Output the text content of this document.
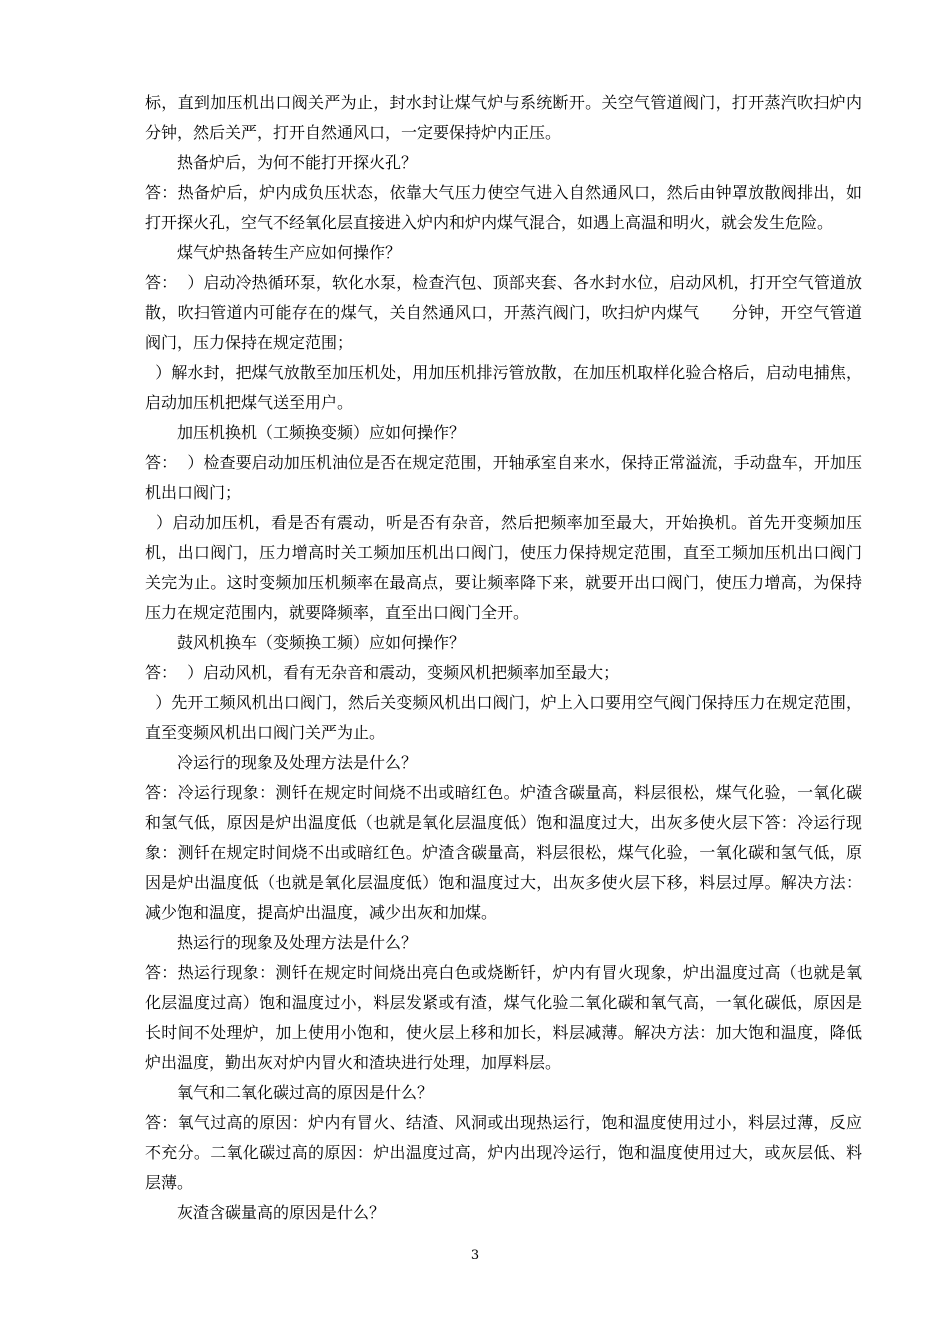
标，直到加压机出口阀关严为止，封水封让煤气炉与系统断开。关空气管道阀门，打开蒸汽吹扫炉内      分钟，然后关严，打开自然通风口，一定要保持炉内正压。

热备炉后，为何不能打开探火孔？

答：热备炉后，炉内成负压状态，依靠大气压力使空气进入自然通风口，然后由钟罩放散阀排出，如打开探火孔，空气不经氧化层直接进入炉内和炉内煤气混合，如遇上高温和明火，就会发生危险。

煤气炉热备转生产应如何操作？

答：  ）启动冷热循环泵，软化水泵，检查汽包、顶部夹套、各水封水位，启动风机，打开空气管道放散，吹扫管道内可能存在的煤气，关自然通风口，开蒸汽阀门，吹扫炉内煤气      分钟，开空气管道阀门，压力保持在规定范围；

）解水封，把煤气放散至加压机处，用加压机排污管放散，在加压机取样化验合格后，启动电捕焦，启动加压机把煤气送至用户。

加压机换机（工频换变频）应如何操作？

答：  ）检查要启动加压机油位是否在规定范围，开轴承室自来水，保持正常溢流，手动盘车，开加压机出口阀门；

）启动加压机，看是否有震动，听是否有杂音，然后把频率加至最大，开始换机。首先开变频加压机，出口阀门，压力增高时关工频加压机出口阀门，使压力保持规定范围，直至工频加压机出口阀门关完为止。这时变频加压机频率在最高点，要让频率降下来，就要开出口阀门，使压力增高，为保持压力在规定范围内，就要降频率，直至出口阀门全开。

鼓风机换车（变频换工频）应如何操作？

答：  ）启动风机，看有无杂音和震动，变频风机把频率加至最大；

）先开工频风机出口阀门，然后关变频风机出口阀门，炉上入口要用空气阀门保持压力在规定范围，直至变频风机出口阀门关严为止。

冷运行的现象及处理方法是什么？

答：冷运行现象：测钎在规定时间烧不出或暗红色。炉渣含碳量高，料层很松，煤气化验，一氧化碳和氢气低，原因是炉出温度低（也就是氧化层温度低）饱和温度过大，出灰多使火层下答：冷运行现象：测钎在规定时间烧不出或暗红色。炉渣含碳量高，料层很松，煤气化验，一氧化碳和氢气低，原因是炉出温度低（也就是氧化层温度低）饱和温度过大，出灰多使火层下移，料层过厚。解决方法：减少饱和温度，提高炉出温度，减少出灰和加煤。

热运行的现象及处理方法是什么？

答：热运行现象：测钎在规定时间烧出亮白色或烧断钎，炉内有冒火现象，炉出温度过高（也就是氧化层温度过高）饱和温度过小，料层发紧或有渣，煤气化验二氧化碳和氧气高，一氧化碳低，原因是长时间不处理炉，加上使用小饱和，使火层上移和加长，料层减薄。解决方法：加大饱和温度，降低炉出温度，勤出灰对炉内冒火和渣块进行处理，加厚料层。

氧气和二氧化碳过高的原因是什么？

答：氧气过高的原因：炉内有冒火、结渣、风洞或出现热运行，饱和温度使用过小，料层过薄，反应不充分。二氧化碳过高的原因：炉出温度过高，炉内出现冷运行，饱和温度使用过大，或灰层低、料层薄。

灰渣含碳量高的原因是什么？

3
